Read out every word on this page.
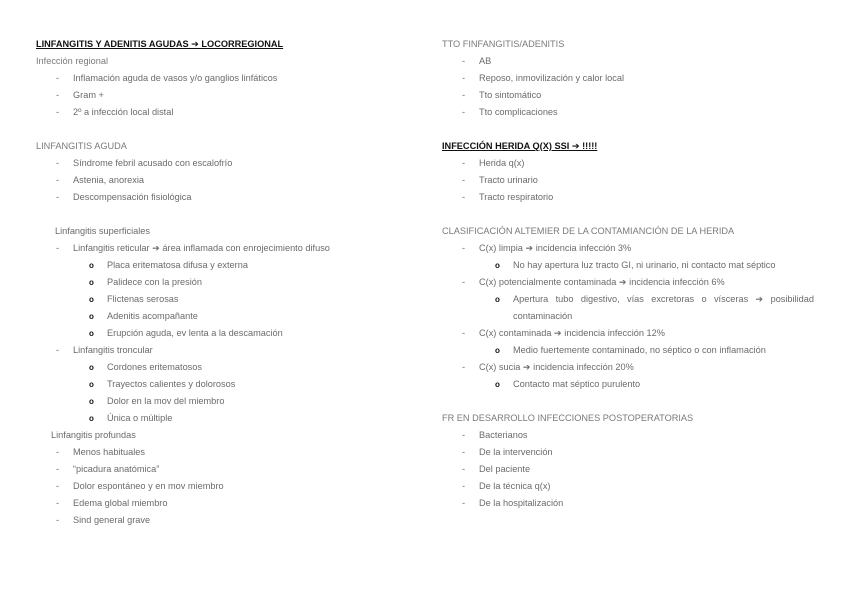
LINFANGITIS Y ADENITIS AGUDAS ➔ LOCORREGIONAL
Infección regional
- Inflamación aguda de vasos y/o ganglios linfáticos
- Gram +
- 2º a infección local distal
LINFANGITIS AGUDA
- Síndrome febril acusado con escalofrío
- Astenia, anorexia
- Descompensación fisiológica
Linfangitis superficiales
- Linfangitis reticular ➔ área inflamada con enrojecimiento difuso
o Placa eritematosa difusa y externa
o Palidece con la presión
o Flictenas serosas
o Adenitis acompañante
o Erupción aguda, ev lenta a la descamación
- Linfangitis troncular
o Cordones eritematosos
o Trayectos calientes y dolorosos
o Dolor en la mov del miembro
o Única o múltiple
Linfangitis profundas
- Menos habituales
- “picadura anatómica”
- Dolor espontáneo y en mov miembro
- Edema global miembro
- Sind general grave
TTO FINFANGITIS/ADENITIS
- AB
- Reposo, inmovilización y calor local
- Tto sintomático
- Tto complicaciones
INFECCIÓN HERIDA Q(X) SSI ➔ !!!!!
- Herida q(x)
- Tracto urinario
- Tracto respiratorio
CLASIFICACIÓN ALTEMIER DE LA CONTAMIANCIÓN DE LA HERIDA
- C(x) limpia ➔ incidencia infección 3%
o	No hay apertura luz tracto GI, ni urinario, ni contacto mat séptico
- C(x) potencialmente contaminada ➔ incidencia infección 6%
o	Apertura tubo digestivo, vías excretoras o vísceras ➔ posibilidad contaminación
- C(x) contaminada ➔ incidencia infección 12%
o Medio fuertemente contaminado, no séptico o con inflamación
- C(x) sucia ➔ incidencia infección 20%
o Contacto mat séptico purulento
FR EN DESARROLLO INFECCIONES POSTOPERATORIAS
- Bacterianos
- De la intervención
- Del paciente
- De la técnica q(x)
- De la hospitalización
